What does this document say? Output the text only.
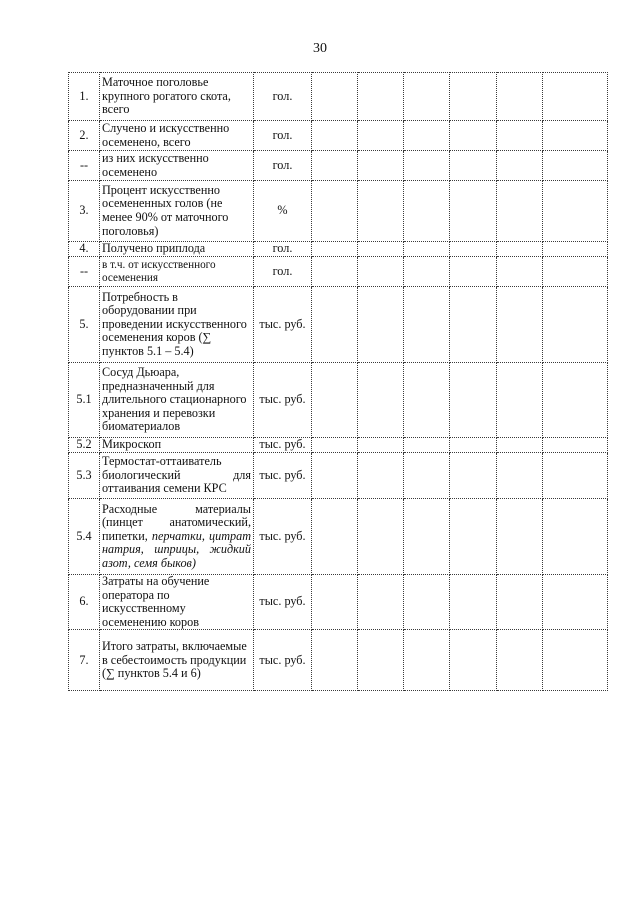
30
1.	Маточное поголовье крупного рогатого скота, всего	гол.						
2.	Случено и искусственно осеменено, всего	гол.						
--	из них искусственно осеменено	гол.						
3.	Процент искусственно осемененных голов (не менее 90% от маточного поголовья)	%						
4.	Получено приплода	гол.						
--	в т.ч. от искусственного осеменения	гол.						
5.	Потребность в оборудовании при проведении искусственного осеменения коров (∑ пунктов 5.1 – 5.4)	тыс. руб.						
5.1	Сосуд Дьюара, предназначенный для длительного стационарного хранения и перевозки биоматериалов	тыс. руб.						
5.2	Микроскоп	тыс. руб.						
5.3	Термостат-оттаиватель биологический для оттаивания семени КРС	тыс. руб.						
5.4	Расходные материалы (пинцет анатомический, пипетки, перчатки, цитрат натрия, шприцы, жидкий азот, семя быков)	тыс. руб.						
6.	Затраты на обучение оператора по искусственному осеменению коров	тыс. руб.						
7.	Итого затраты, включаемые в себестоимость продукции (∑ пунктов 5.4 и 6)	тыс. руб.						
